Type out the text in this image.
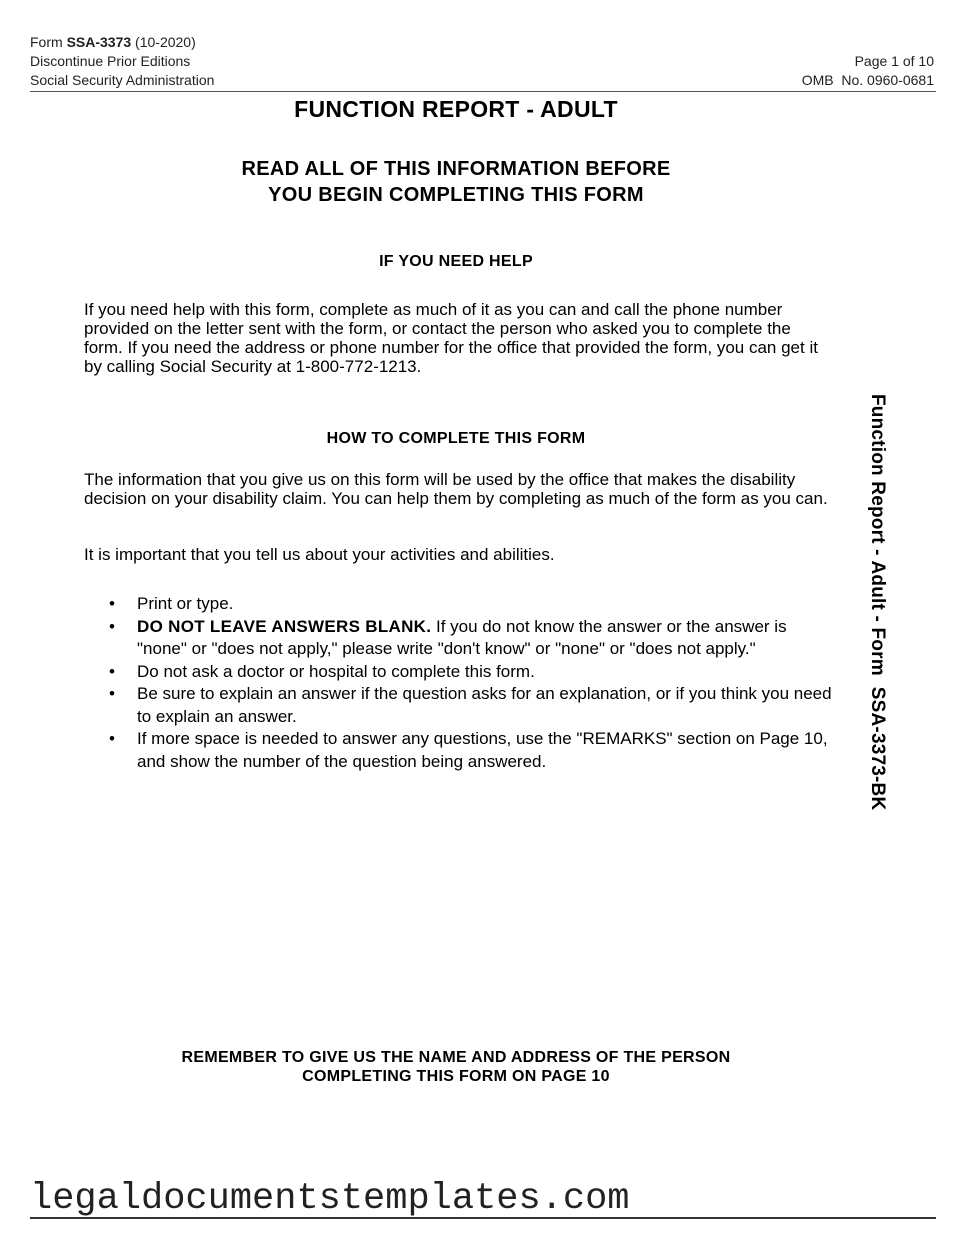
Form SSA-3373 (10-2020)
Discontinue Prior Editions
Social Security Administration
Page 1 of 10
OMB  No. 0960-0681
FUNCTION REPORT - ADULT
READ ALL OF THIS INFORMATION BEFORE
YOU BEGIN COMPLETING THIS FORM
IF YOU NEED HELP
If you need help with this form, complete as much of it as you can and call the phone number provided on the letter sent with the form, or contact the person who asked you to complete the form. If you need the address or phone number for the office that provided the form, you can get it by calling Social Security at 1-800-772-1213.
HOW TO COMPLETE THIS FORM
The information that you give us on this form will be used by the office that makes the disability decision on your disability claim. You can help them by completing as much of the form as you can.
It is important that you tell us about your activities and abilities.
• Print or type.
• DO NOT LEAVE ANSWERS BLANK. If you do not know the answer or the answer is "none" or "does not apply," please write "don't know" or "none" or "does not apply."
• Do not ask a doctor or hospital to complete this form.
• Be sure to explain an answer if the question asks for an explanation, or if you think you need to explain an answer.
• If more space is needed to answer any questions, use the "REMARKS" section on Page 10, and show the number of the question being answered.	Function Report - Adult - Form  SSA-3373-BK
REMEMBER TO GIVE US THE NAME AND ADDRESS OF THE PERSON
COMPLETING THIS FORM ON PAGE 10
legaldocumentstemplates.com
